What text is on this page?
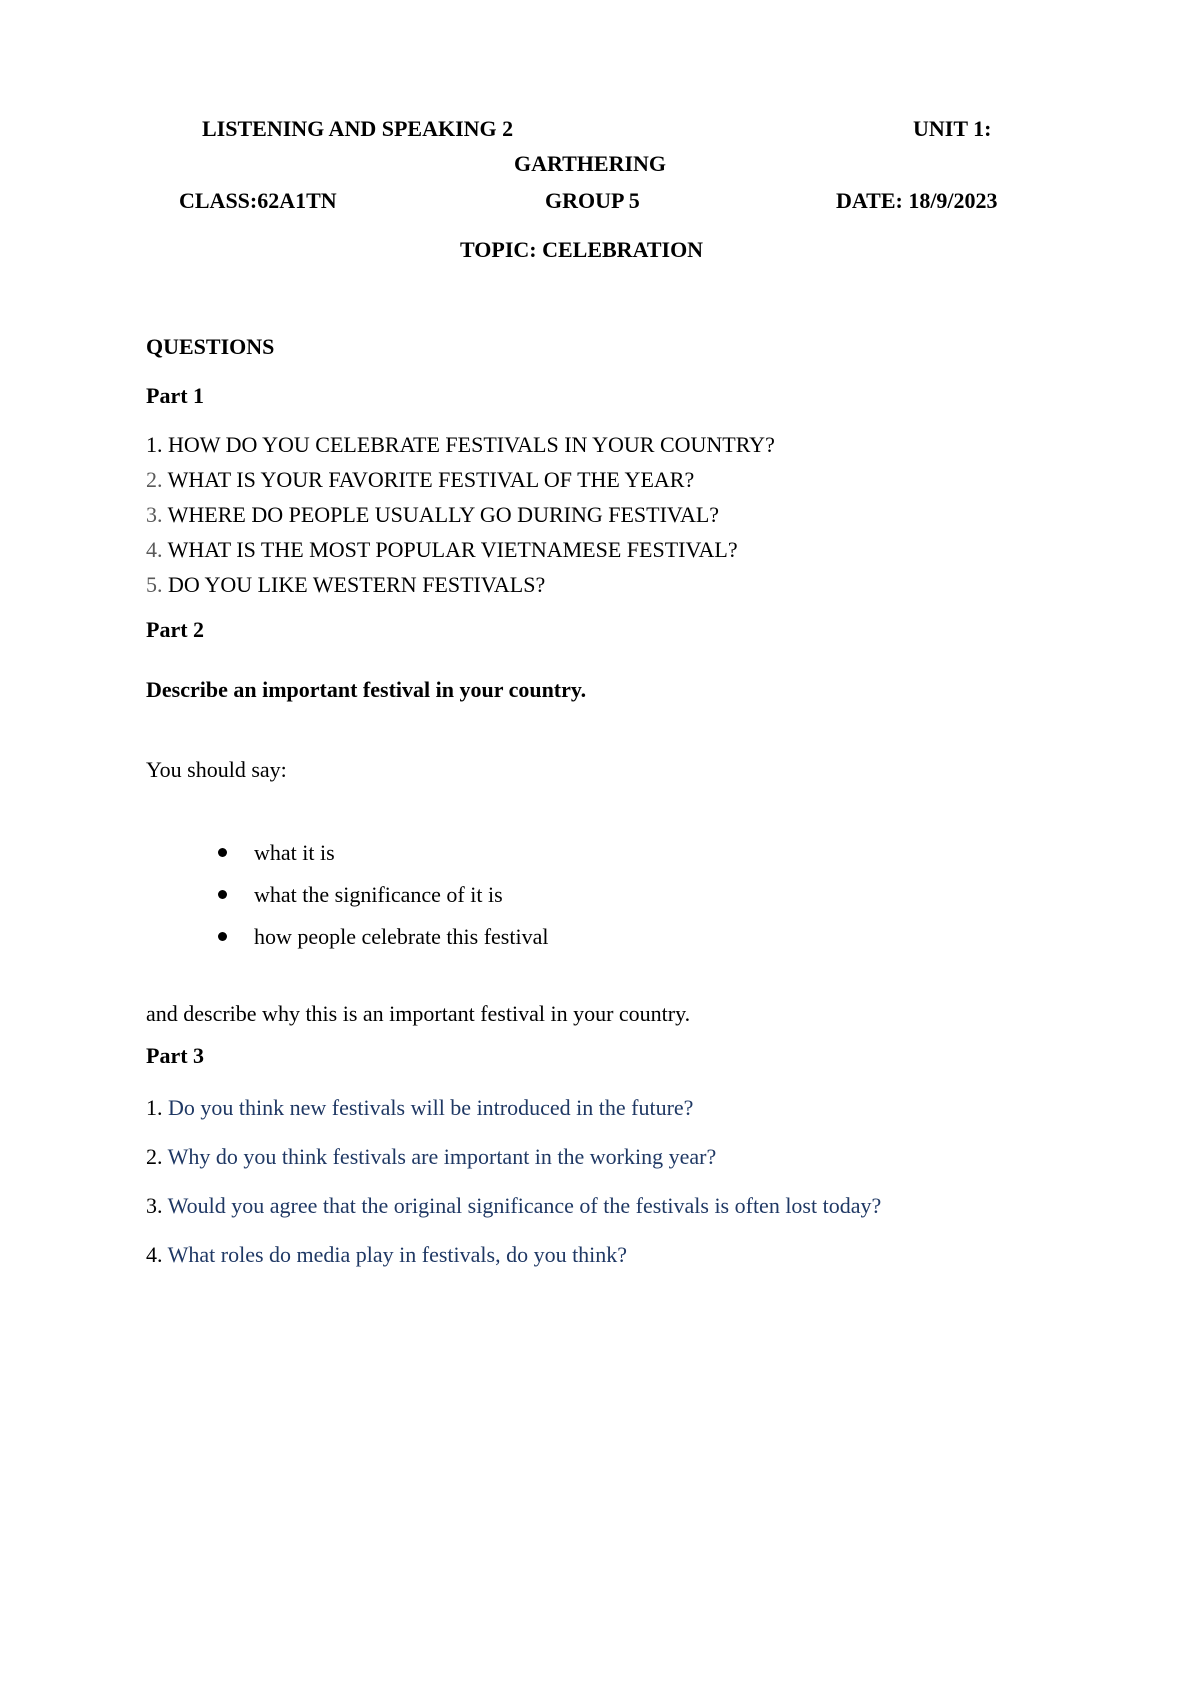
LISTENING AND SPEAKING 2	UNIT 1:
GARTHERING
CLASS:62A1TN	GROUP 5	DATE: 18/9/2023
TOPIC: CELEBRATION
QUESTIONS
Part 1
1. HOW DO YOU CELEBRATE FESTIVALS IN YOUR COUNTRY?
2. WHAT IS YOUR FAVORITE FESTIVAL OF THE YEAR?
3. WHERE DO PEOPLE USUALLY GO DURING FESTIVAL?
4. WHAT IS THE MOST POPULAR VIETNAMESE FESTIVAL?
5. DO YOU LIKE WESTERN FESTIVALS?
Part 2
Describe an important festival in your country.
You should say:
what it is
what the significance of it is
how people celebrate this festival
and describe why this is an important festival in your country.
Part 3
1. Do you think new festivals will be introduced in the future?
2. Why do you think festivals are important in the working year?
3. Would you agree that the original significance of the festivals is often lost today?
4. What roles do media play in festivals, do you think?
